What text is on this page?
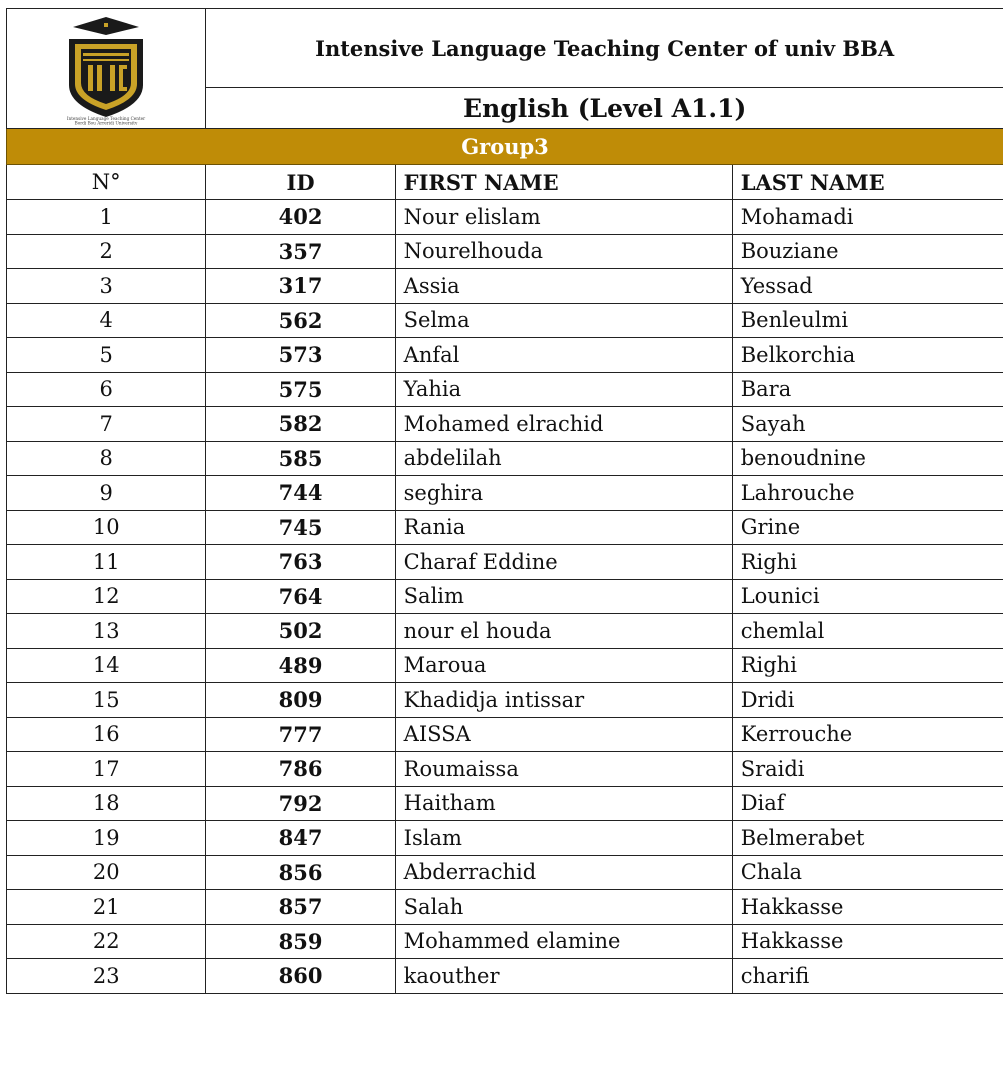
Intensive Language Teaching Center
Bordj Bou Arreridj University	Intensive Language Teaching Center of univ BBA		
	English (Level A1.1)		
Group3			
N°	ID	FIRST NAME	LAST NAME
1	402	Nour elislam	Mohamadi
2	357	Nourelhouda	Bouziane
3	317	Assia	Yessad
4	562	Selma	Benleulmi
5	573	Anfal	Belkorchia
6	575	Yahia	Bara
7	582	Mohamed elrachid	Sayah
8	585	abdelilah	benoudnine
9	744	seghira	Lahrouche
10	745	Rania	Grine
11	763	Charaf Eddine	Righi
12	764	Salim	Lounici
13	502	nour el houda	chemlal
14	489	Maroua	Righi
15	809	Khadidja intissar	Dridi
16	777	AISSA	Kerrouche
17	786	Roumaissa	Sraidi
18	792	Haitham	Diaf
19	847	Islam	Belmerabet
20	856	Abderrachid	Chala
21	857	Salah	Hakkasse
22	859	Mohammed elamine	Hakkasse
23	860	kaouther	charifi
